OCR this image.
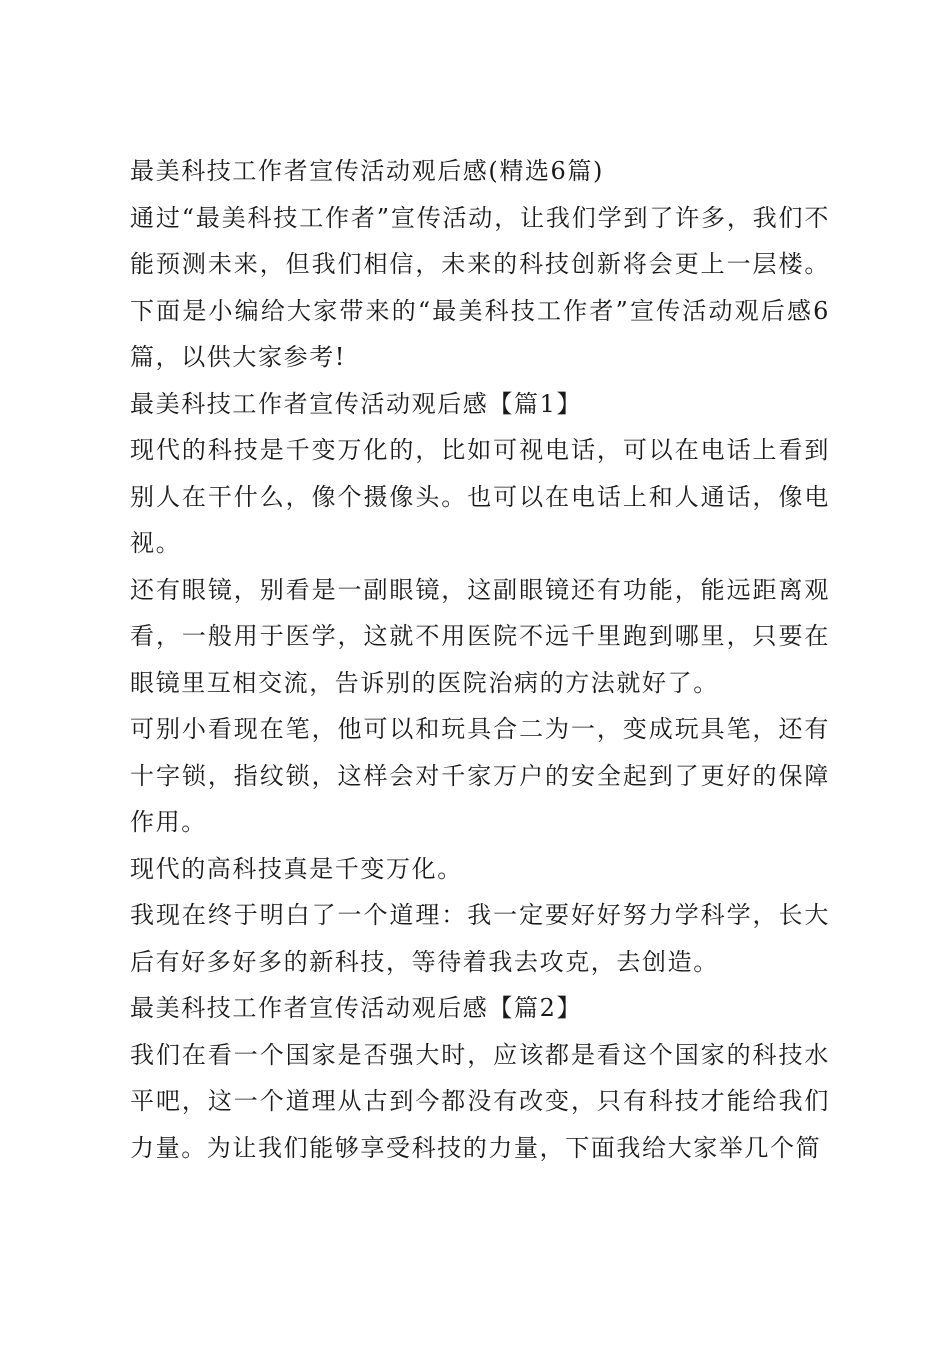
最美科技工作者宣传活动观后感(精选6篇)

通过“最美科技工作者”宣传活动，让我们学到了许多，我们不能预测未来，但我们相信，未来的科技创新将会更上一层楼。下面是小编给大家带来的“最美科技工作者”宣传活动观后感6篇，以供大家参考!

最美科技工作者宣传活动观后感【篇1】

现代的科技是千变万化的，比如可视电话，可以在电话上看到别人在干什么，像个摄像头。也可以在电话上和人通话，像电视。

还有眼镜，别看是一副眼镜，这副眼镜还有功能，能远距离观看，一般用于医学，这就不用医院不远千里跑到哪里，只要在眼镜里互相交流，告诉别的医院治病的方法就好了。

可别小看现在笔，他可以和玩具合二为一，变成玩具笔，还有十字锁，指纹锁，这样会对千家万户的安全起到了更好的保障作用。

现代的高科技真是千变万化。

我现在终于明白了一个道理：我一定要好好努力学科学，长大后有好多好多的新科技，等待着我去攻克，去创造。

最美科技工作者宣传活动观后感【篇2】

我们在看一个国家是否强大时，应该都是看这个国家的科技水平吧，这一个道理从古到今都没有改变，只有科技才能给我们力量。为让我们能够享受科技的力量，下面我给大家举几个简
